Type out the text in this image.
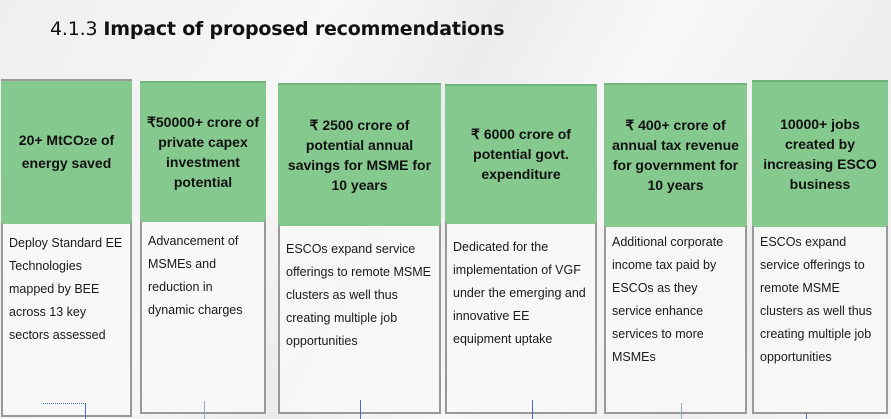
4.1.3 Impact of proposed recommendations
20+ MtCO2e of energy saved
Deploy Standard EE Technologies mapped by BEE across 13 key sectors assessed
₹50000+ crore of private capex investment potential
Advancement of MSMEs and reduction in dynamic charges
₹ 2500 crore of potential annual savings for MSME for 10 years
ESCOs expand service offerings to remote MSME clusters as well thus creating multiple job opportunities
₹ 6000 crore of potential govt. expenditure
Dedicated for the implementation of VGF under the emerging and innovative EE equipment uptake
₹ 400+ crore of annual tax revenue for government for 10 years
Additional corporate income tax paid by ESCOs as they service enhance services to more MSMEs
10000+ jobs created by increasing ESCO business
ESCOs expand service offerings to remote MSME clusters as well thus creating multiple job opportunities
